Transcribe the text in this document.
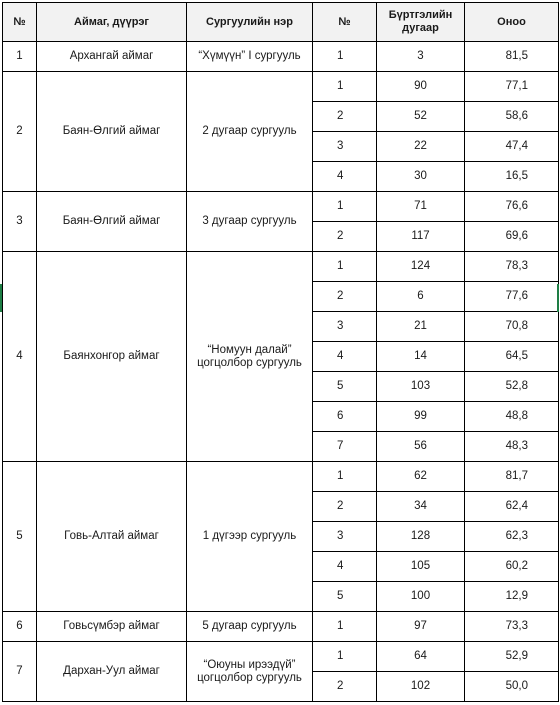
№	Аймаг, дүүрэг	Сургуулийн нэр	№	Бүртгэлийн дугаар	Оноо
1	Архангай аймаг	“Хүмүүн” I сургууль	1	3	81,5
2	Баян-Өлгий аймаг	2 дугаар сургууль	1	90	77,1
			2	52	58,6
			3	22	47,4
			4	30	16,5
3	Баян-Өлгий аймаг	3 дугаар сургууль	1	71	76,6
			2	117	69,6
4	Баянхонгор аймаг	“Номуун далай” цогцолбор сургууль	1	124	78,3
			2	6	77,6
			3	21	70,8
			4	14	64,5
			5	103	52,8
			6	99	48,8
			7	56	48,3
5	Говь-Алтай аймаг	1 дүгээр сургууль	1	62	81,7
			2	34	62,4
			3	128	62,3
			4	105	60,2
			5	100	12,9
6	Говьсүмбэр аймаг	5 дугаар сургууль	1	97	73,3
7	Дархан-Уул аймаг	“Оюуны ирээдүй” цогцолбор сургууль	1	64	52,9
			2	102	50,0
